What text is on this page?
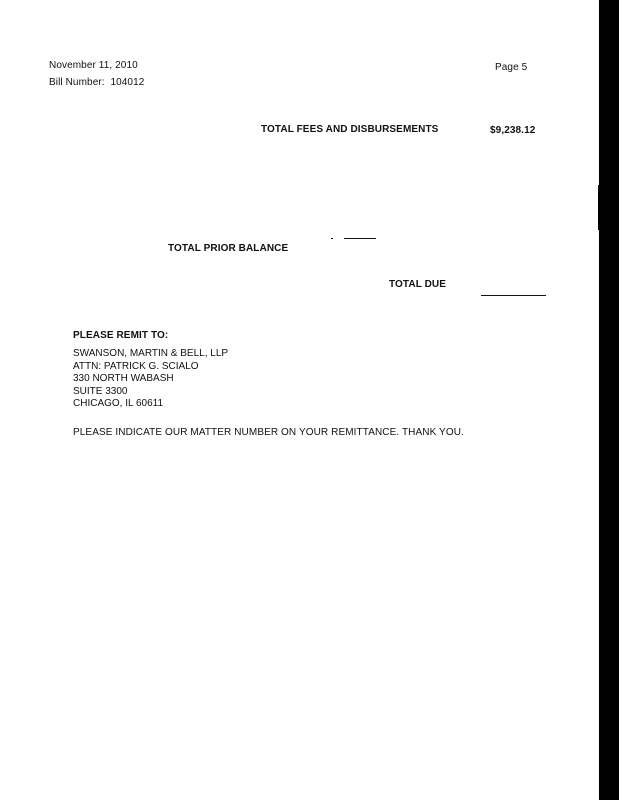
November 11, 2010
Bill Number: 104012
Page 5
TOTAL FEES AND DISBURSEMENTS	$9,238.12
TOTAL PRIOR BALANCE
TOTAL DUE
PLEASE REMIT TO:
SWANSON, MARTIN & BELL, LLP
ATTN: PATRICK G. SCIALO
330 NORTH WABASH
SUITE 3300
CHICAGO, IL 60611
PLEASE INDICATE OUR MATTER NUMBER ON YOUR REMITTANCE. THANK YOU.
